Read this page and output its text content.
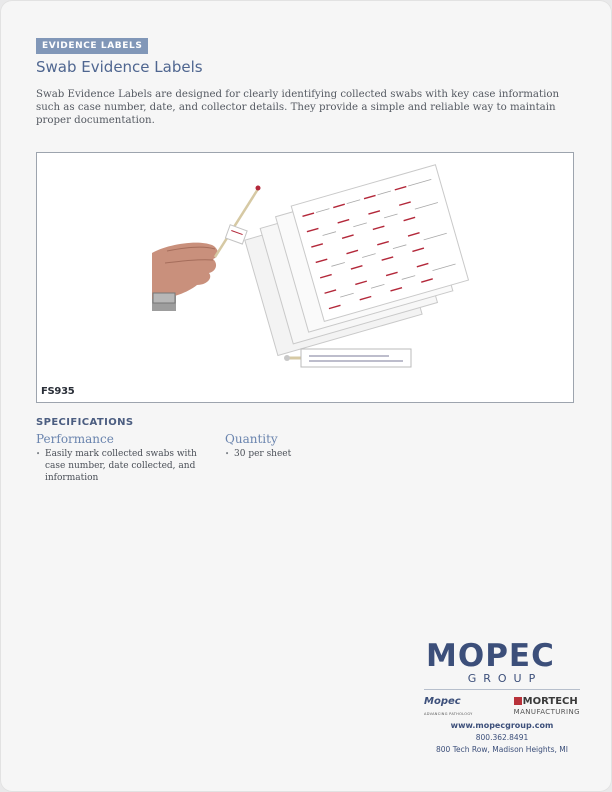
EVIDENCE LABELS
Swab Evidence Labels
Swab Evidence Labels are designed for clearly identifying collected swabs with key case information such as case number, date, and collector details. They provide a simple and reliable way to maintain proper documentation.
FS935
SPECIFICATIONS
Performance
• Easily mark collected swabs with case number, date collected, and information
Quantity
• 30 per sheet
MOPEC
GROUP
Mopec
ADVANCING PATHOLOGY
MORTECH
MANUFACTURING
www.mopecgroup.com
800.362.8491
800 Tech Row, Madison Heights, MI
